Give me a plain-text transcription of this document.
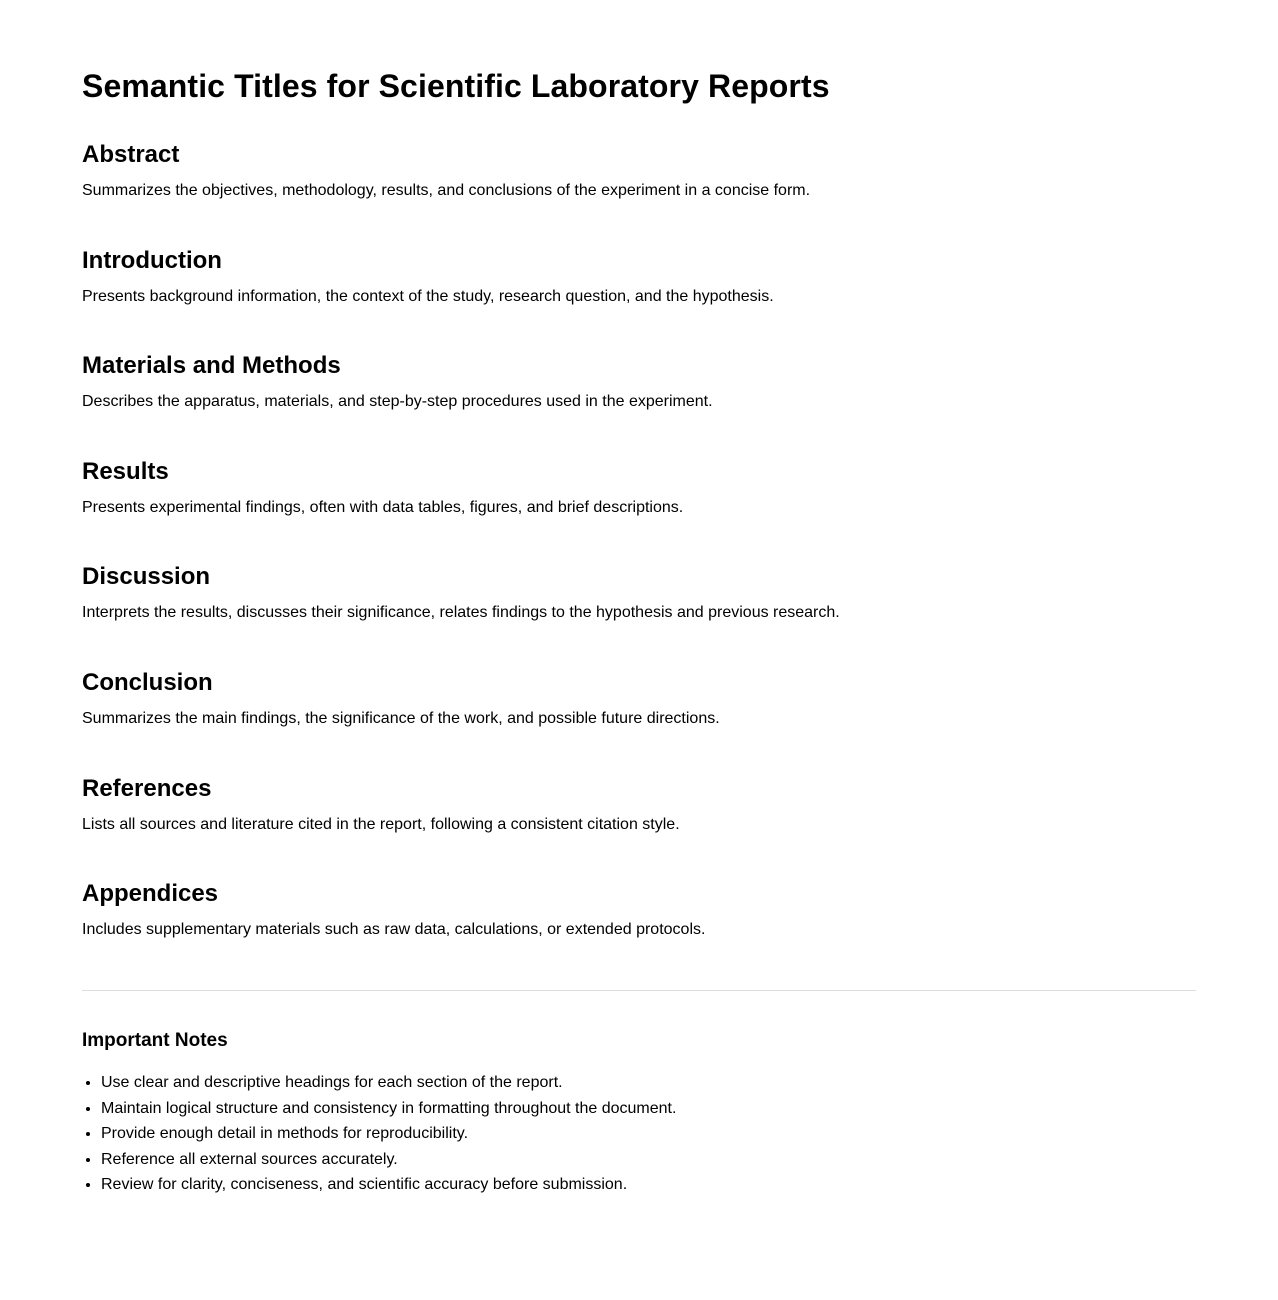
Semantic Titles for Scientific Laboratory Reports
Abstract

Summarizes the objectives, methodology, results, and conclusions of the experiment in a concise form.

Introduction

Presents background information, the context of the study, research question, and the hypothesis.

Materials and Methods

Describes the apparatus, materials, and step-by-step procedures used in the experiment.

Results

Presents experimental findings, often with data tables, figures, and brief descriptions.

Discussion

Interprets the results, discusses their significance, relates findings to the hypothesis and previous research.

Conclusion

Summarizes the main findings, the significance of the work, and possible future directions.

References

Lists all sources and literature cited in the report, following a consistent citation style.

Appendices

Includes supplementary materials such as raw data, calculations, or extended protocols.

Important Notes
• Use clear and descriptive headings for each section of the report.
• Maintain logical structure and consistency in formatting throughout the document.
• Provide enough detail in methods for reproducibility.
• Reference all external sources accurately.
• Review for clarity, conciseness, and scientific accuracy before submission.
